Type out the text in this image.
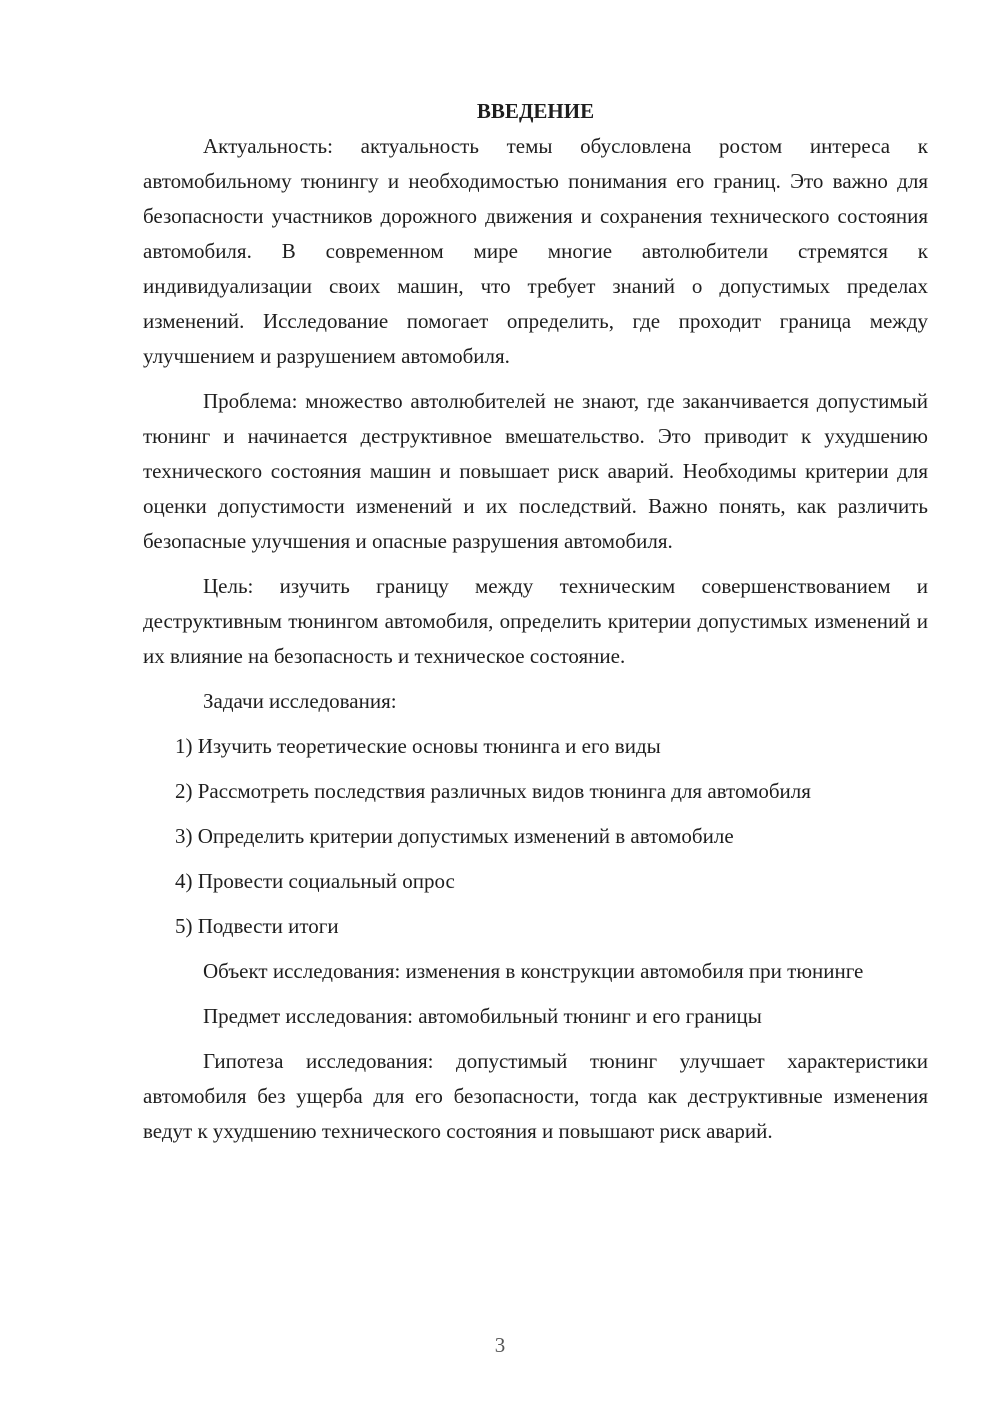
ВВЕДЕНИЕ

Актуальность: актуальность темы обусловлена ростом интереса к автомобильному тюнингу и необходимостью понимания его границ. Это важно для безопасности участников дорожного движения и сохранения технического состояния автомобиля. В современном мире многие автолюбители стремятся к индивидуализации своих машин, что требует знаний о допустимых пределах изменений. Исследование помогает определить, где проходит граница между улучшением и разрушением автомобиля.

Проблема: множество автолюбителей не знают, где заканчивается допустимый тюнинг и начинается деструктивное вмешательство. Это приводит к ухудшению технического состояния машин и повышает риск аварий. Необходимы критерии для оценки допустимости изменений и их последствий. Важно понять, как различить безопасные улучшения и опасные разрушения автомобиля.

Цель: изучить границу между техническим совершенствованием и деструктивным тюнингом автомобиля, определить критерии допустимых изменений и их влияние на безопасность и техническое состояние.

Задачи исследования:
1) Изучить теоретические основы тюнинга и его виды
2) Рассмотреть последствия различных видов тюнинга для автомобиля
3) Определить критерии допустимых изменений в автомобиле
4) Провести социальный опрос
5) Подвести итоги

Объект исследования: изменения в конструкции автомобиля при тюнинге

Предмет исследования: автомобильный тюнинг и его границы

Гипотеза исследования: допустимый тюнинг улучшает характеристики автомобиля без ущерба для его безопасности, тогда как деструктивные изменения ведут к ухудшению технического состояния и повышают риск аварий.

3
